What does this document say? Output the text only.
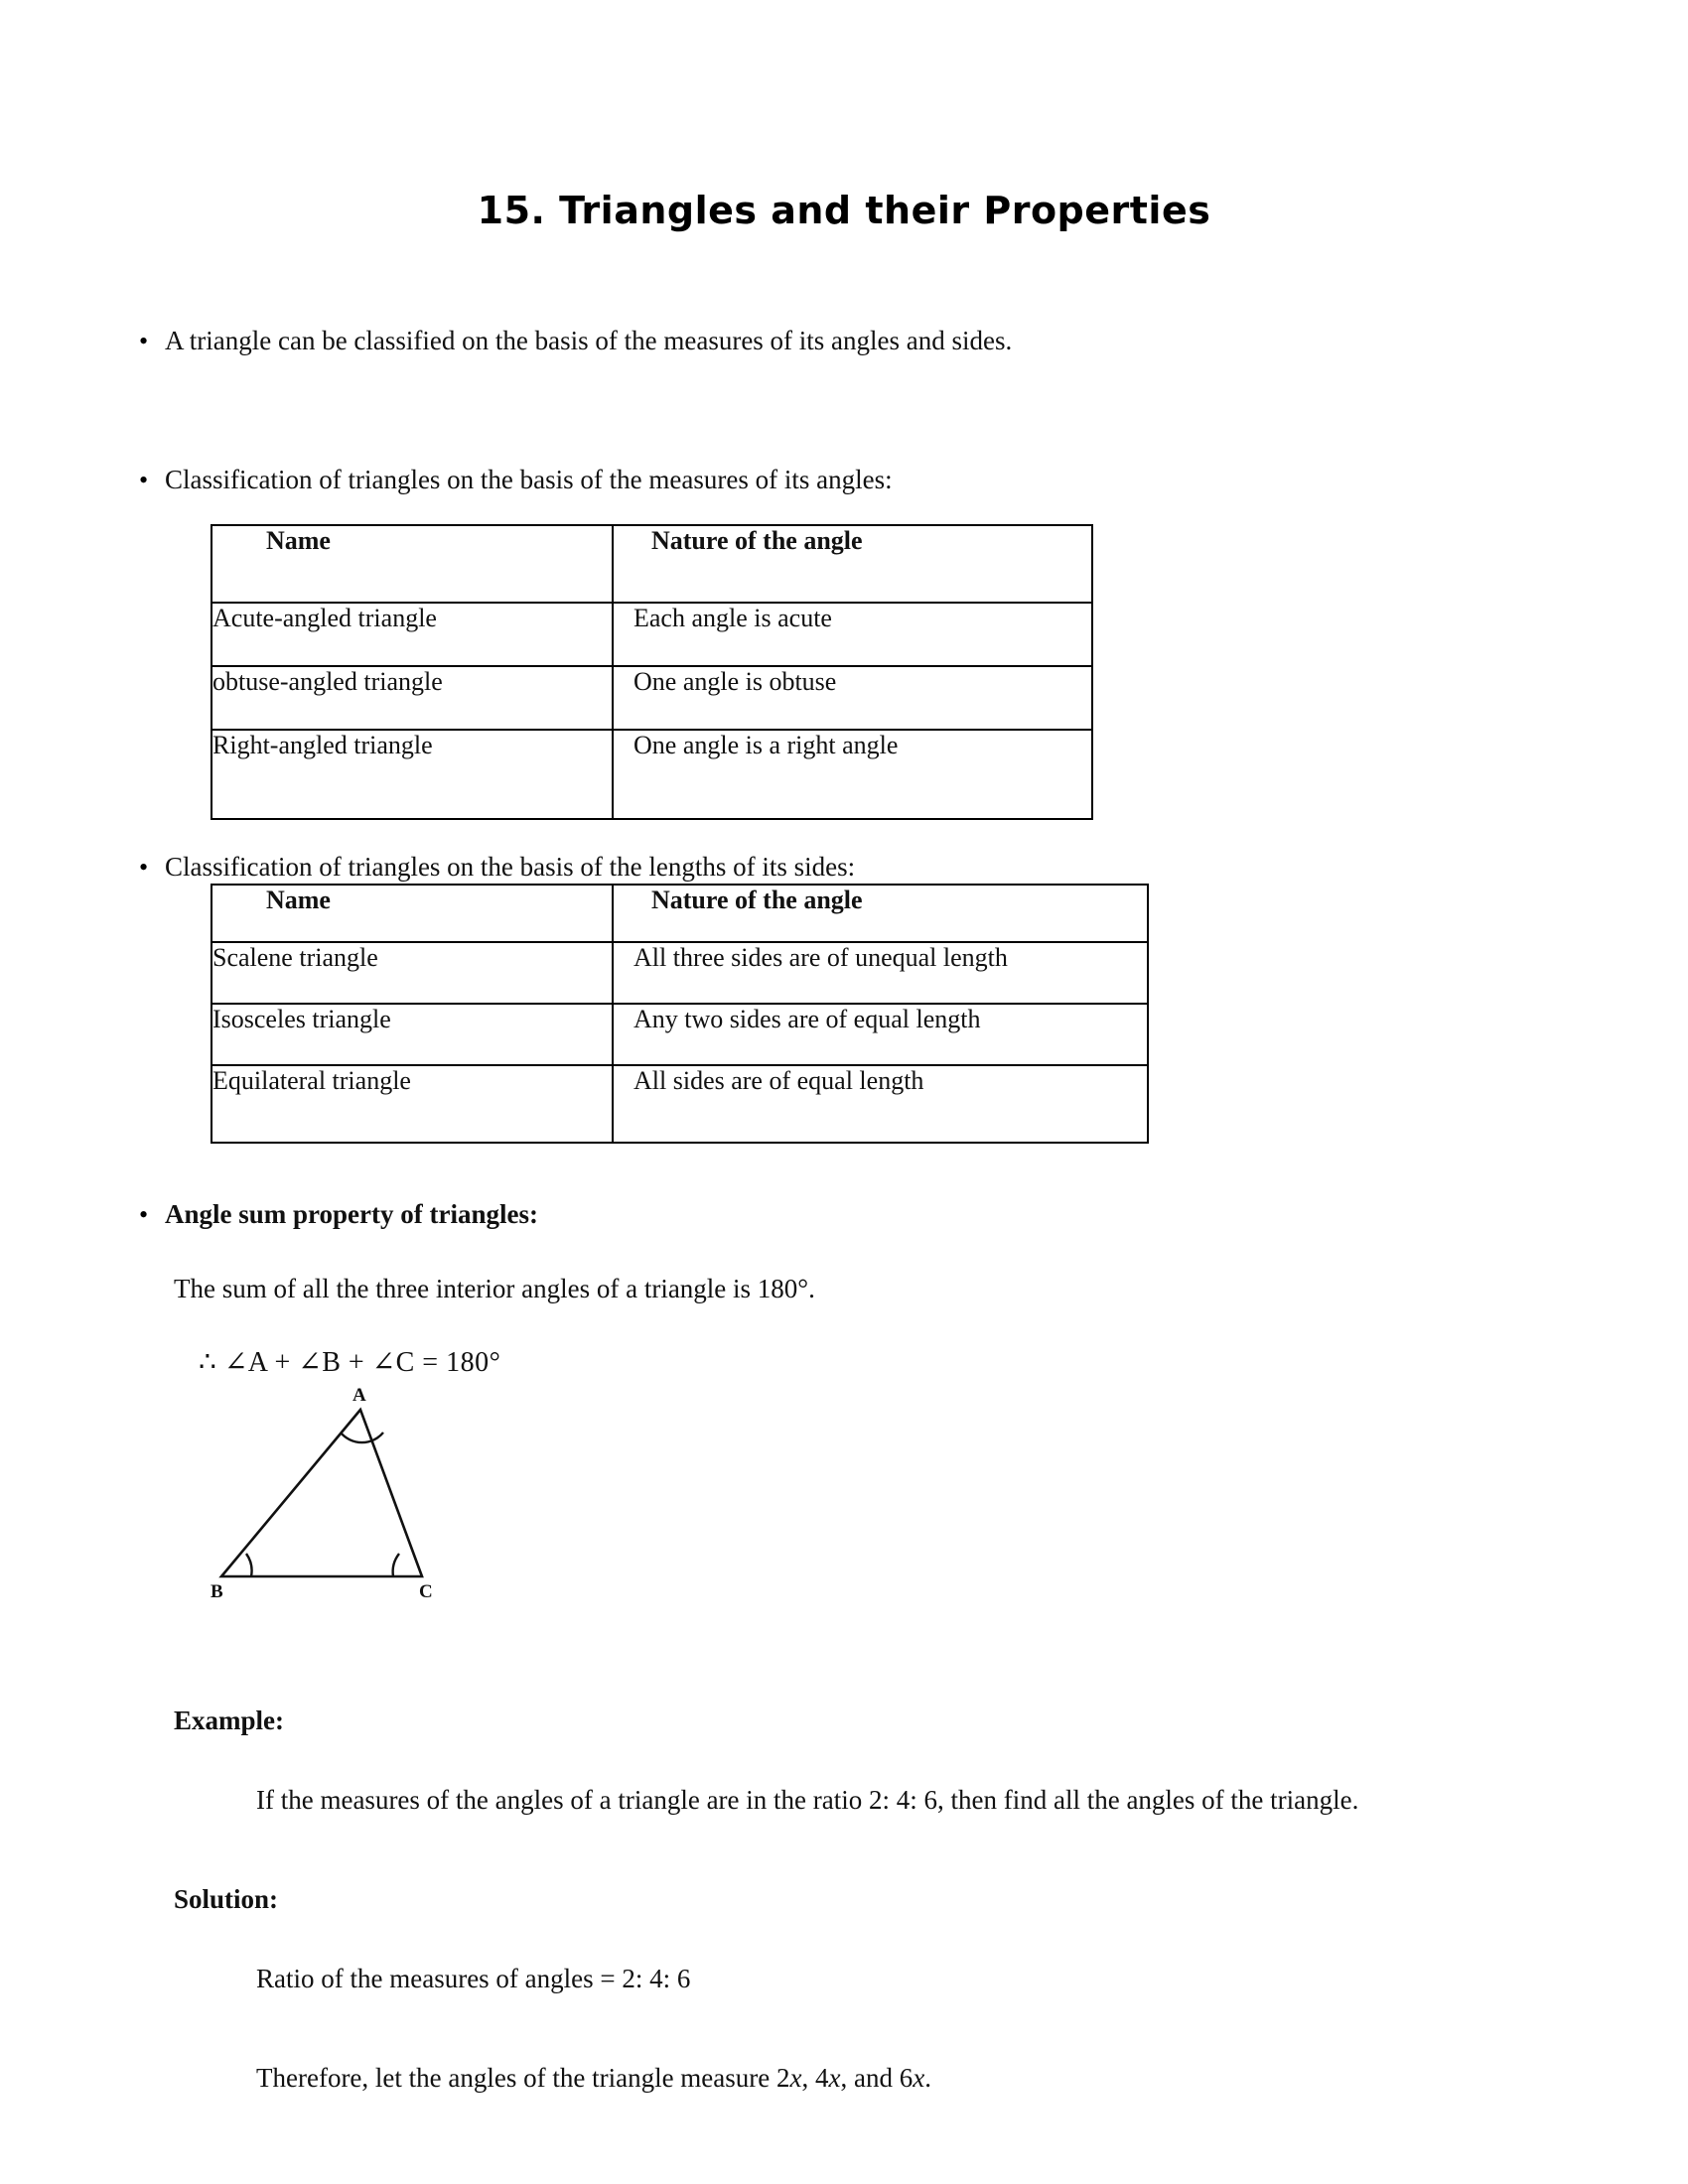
15. Triangles and their Properties
•
A triangle can be classified on the basis of the measures of its angles and sides.
•
Classification of triangles on the basis of the measures of its angles:
Name	Nature of the angle
Acute-angled triangle	Each angle is acute
obtuse-angled triangle	One angle is obtuse
Right-angled triangle	One angle is a right angle
•
Classification of triangles on the basis of the lengths of its sides:
Name	Nature of the angle
Scalene triangle	All three sides are of unequal length
Isosceles triangle	Any two sides are of equal length
Equilateral triangle	All sides are of equal length
•
Angle sum property of triangles:
The sum of all the three interior angles of a triangle is 180°.
∴ ∠A + ∠B + ∠C = 180°
A
B	C
Example:
If the measures of the angles of a triangle are in the ratio 2: 4: 6, then find all the angles of the triangle.
Solution:
Ratio of the measures of angles = 2: 4: 6
Therefore, let the angles of the triangle measure 2x, 4x, and 6x.
